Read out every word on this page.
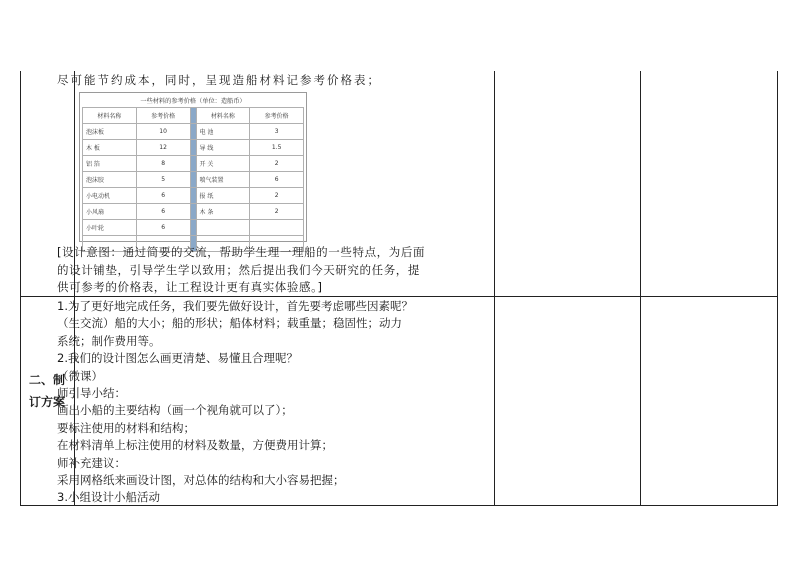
二、制
订方案

尽可能节约成本，同时，呈现造船材料记参考价格表；

一些材料的参考价格（单位：造船币）
材料名称	参考价格		材料名称	参考价格
泡沫板	10		电 池	3
木 板	12		导 线	1.5
铝 箔	8		开 关	2
泡沫胶	5		喷气装置	6
小电动机	6		报 纸	2
小风扇	6		木 条	2
小叶轮	6			

[设计意图：通过简要的交流，帮助学生理一理船的一些特点，为后面

的设计铺垫，引导学生学以致用；然后提出我们今天研究的任务，提

供可参考的价格表，让工程设计更有真实体验感。]

1.为了更好地完成任务，我们要先做好设计，首先要考虑哪些因素呢？

（生交流）船的大小；船的形状；船体材料；载重量；稳固性；动力

系统；制作费用等。

2.我们的设计图怎么画更清楚、易懂且合理呢？

（微课）

师引导小结：

画出小船的主要结构（画一个视角就可以了）；

要标注使用的材料和结构；

在材料清单上标注使用的材料及数量，方便费用计算；

师补充建议：

采用网格纸来画设计图，对总体的结构和大小容易把握；

3.小组设计小船活动
